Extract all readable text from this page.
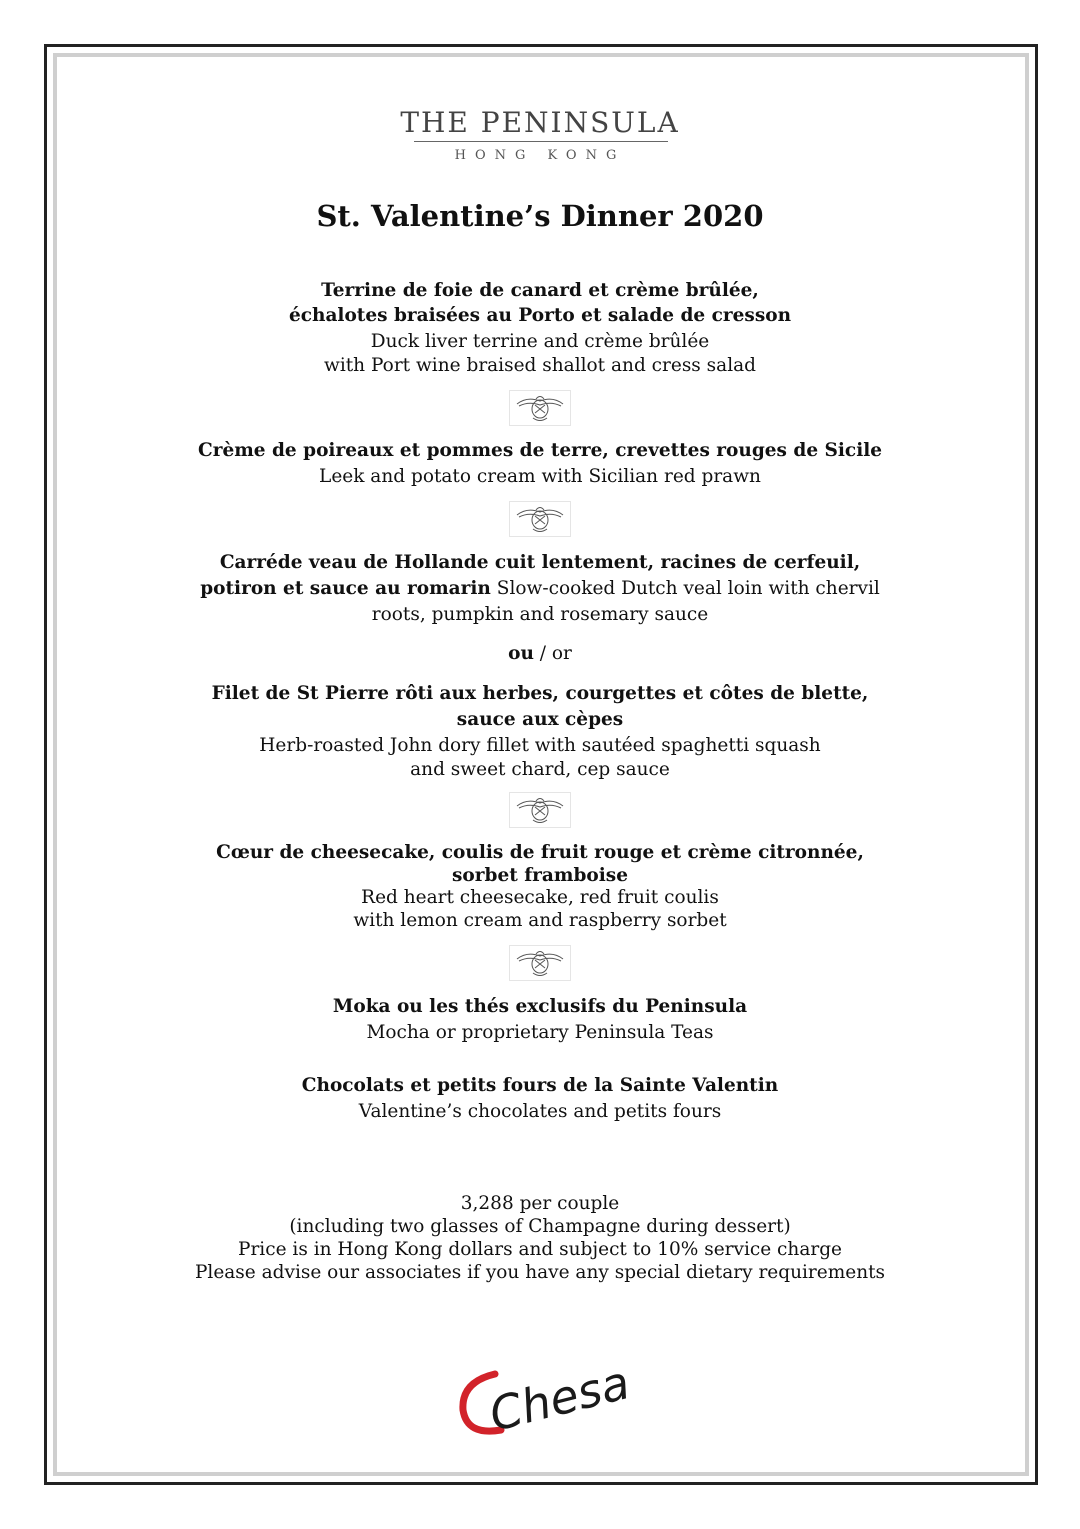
THE PENINSULA
HONG KONG
St. Valentine’s Dinner 2020
Terrine de foie de canard et crème brûlée,
échalotes braisées au Porto et salade de cresson
Duck liver terrine and crème brûlée
with Port wine braised shallot and cress salad
Crème de poireaux et pommes de terre, crevettes rouges de Sicile
Leek and potato cream with Sicilian red prawn
Carréde veau de Hollande cuit lentement, racines de cerfeuil,
potiron et sauce au romarin Slow-cooked Dutch veal loin with chervil
roots, pumpkin and rosemary sauce
ou / or
Filet de St Pierre rôti aux herbes, courgettes et côtes de blette,
sauce aux cèpes
Herb-roasted John dory fillet with sautéed spaghetti squash
and sweet chard, cep sauce
Cœur de cheesecake, coulis de fruit rouge et crème citronnée,
sorbet framboise
Red heart cheesecake, red fruit coulis
with lemon cream and raspberry sorbet
Moka ou les thés exclusifs du Peninsula
Mocha or proprietary Peninsula Teas
Chocolats et petits fours de la Sainte Valentin
Valentine’s chocolates and petits fours
3,288 per couple
(including two glasses of Champagne during dessert)
Price is in Hong Kong dollars and subject to 10% service charge
Please advise our associates if you have any special dietary requirements
Chesa
